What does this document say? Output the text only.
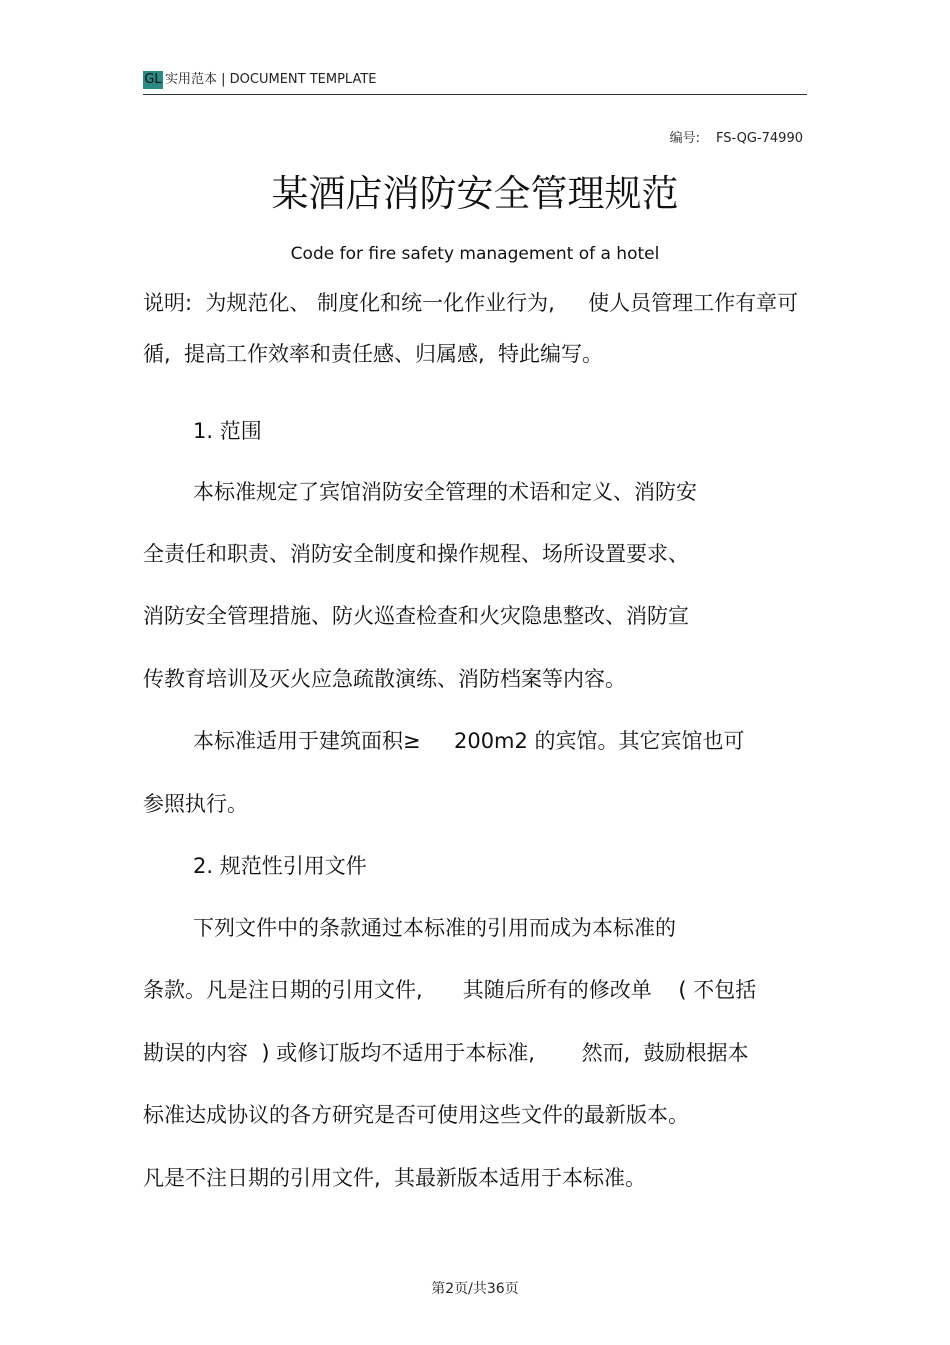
GL 实用范本 | DOCUMENT TEMPLATE
编号: FS-QG-74990
某酒店消防安全管理规范
Code for fire safety management of a hotel
说明:  为规范化、 制度化和统一化作业行为,     使人员管理工作有章可
循,  提高工作效率和责任感、归属感,  特此编写。
1. 范围
本标准规定了宾馆消防安全管理的术语和定义、消防安
全责任和职责、消防安全制度和操作规程、场所设置要求、
消防安全管理措施、防火巡查检查和火灾隐患整改、消防宣
传教育培训及灭火应急疏散演练、消防档案等内容。
本标准适用于建筑面积≥     200m2 的宾馆。其它宾馆也可
参照执行。
2. 规范性引用文件
下列文件中的条款通过本标准的引用而成为本标准的
条款。凡是注日期的引用文件,      其随后所有的修改单    ( 不包括
勘误的内容  ) 或修订版均不适用于本标准,       然而,  鼓励根据本
标准达成协议的各方研究是否可使用这些文件的最新版本。
凡是不注日期的引用文件,  其最新版本适用于本标准。
第2页/共36页
